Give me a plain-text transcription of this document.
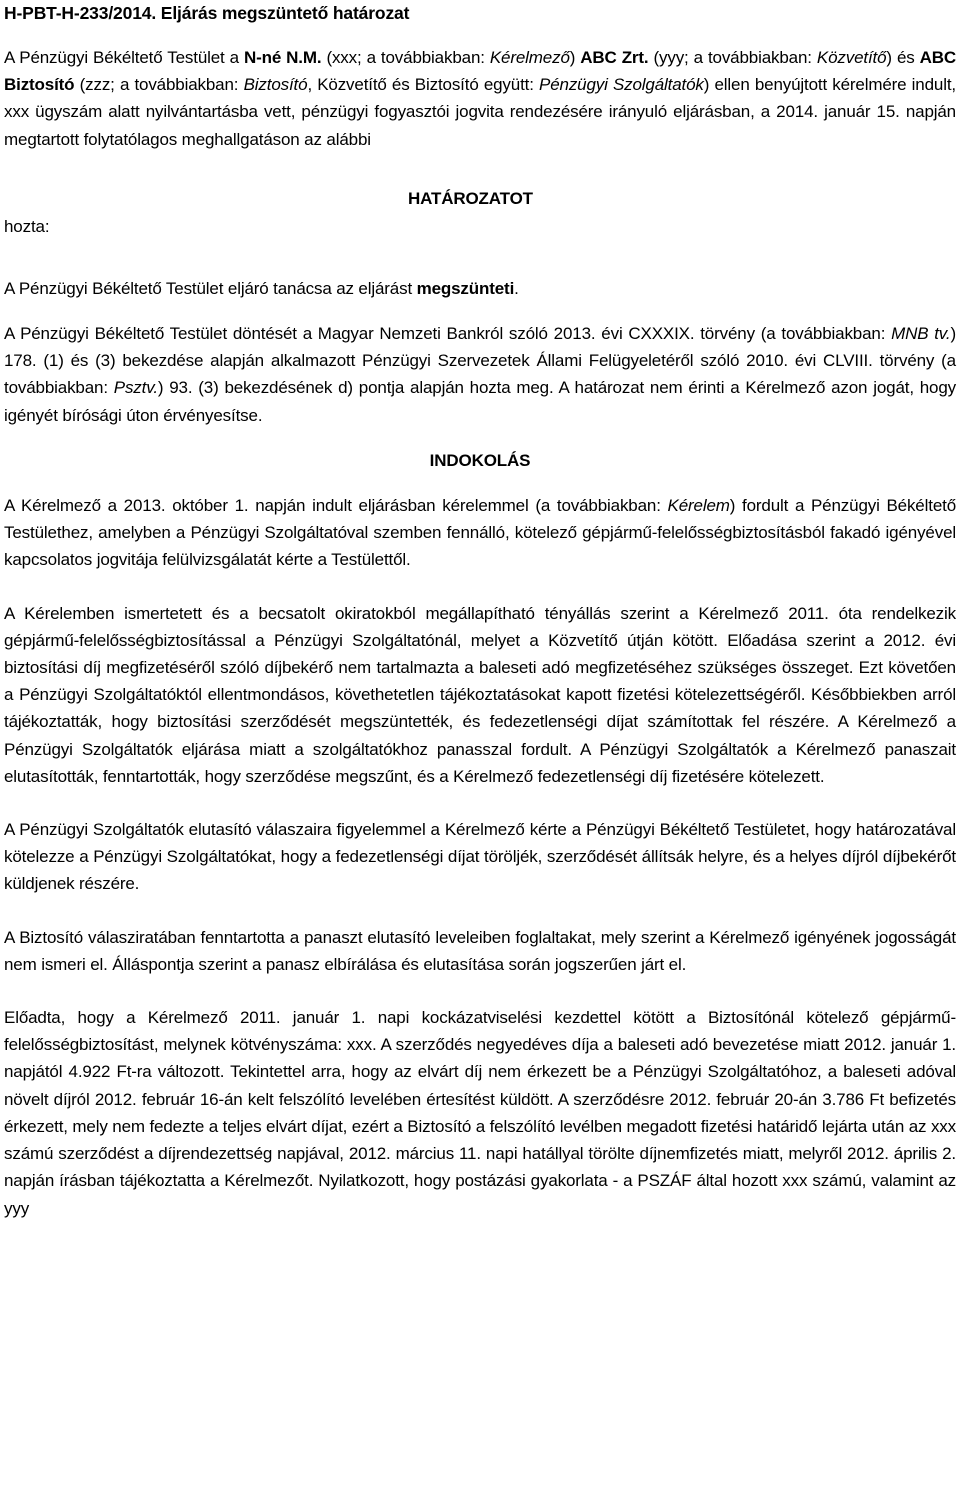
H-PBT-H-233/2014. Eljárás megszüntető határozat

A Pénzügyi Békéltető Testület a N-né N.M. (xxx; a továbbiakban: Kérelmező) ABC Zrt. (yyy; a továbbiakban: Közvetítő) és ABC Biztosító (zzz; a továbbiakban: Biztosító, Közvetítő és Biztosító együtt: Pénzügyi Szolgáltatók) ellen benyújtott kérelmére indult, xxx ügyszám alatt nyilvántartásba vett, pénzügyi fogyasztói jogvita rendezésére irányuló eljárásban, a 2014. január 15. napján megtartott folytatólagos meghallgatáson az alábbi

HATÁROZATOT
hozta:

A Pénzügyi Békéltető Testület eljáró tanácsa az eljárást megszünteti.

A Pénzügyi Békéltető Testület döntését a Magyar Nemzeti Bankról szóló 2013. évi CXXXIX. törvény (a továbbiakban: MNB tv.) 178. (1) és (3) bekezdése alapján alkalmazott Pénzügyi Szervezetek Állami Felügyeletéről szóló 2010. évi CLVIII. törvény (a továbbiakban: Psztv.) 93. (3) bekezdésének d) pontja alapján hozta meg. A határozat nem érinti a Kérelmező azon jogát, hogy igényét bírósági úton érvényesítse.

INDOKOLÁS

A Kérelmező a 2013. október 1. napján indult eljárásban kérelemmel (a továbbiakban: Kérelem) fordult a Pénzügyi Békéltető Testülethez, amelyben a Pénzügyi Szolgáltatóval szemben fennálló, kötelező gépjármű-felelősségbiztosításból fakadó igényével kapcsolatos jogvitája felülvizsgálatát kérte a Testülettől.

A Kérelemben ismertetett és a becsatolt okiratokból megállapítható tényállás szerint a Kérelmező 2011. óta rendelkezik gépjármű-felelősségbiztosítással a Pénzügyi Szolgáltatónál, melyet a Közvetítő útján kötött. Előadása szerint a 2012. évi biztosítási díj megfizetéséről szóló díjbekérő nem tartalmazta a baleseti adó megfizetéséhez szükséges összeget. Ezt követően a Pénzügyi Szolgáltatóktól ellentmondásos, követhetetlen tájékoztatásokat kapott fizetési kötelezettségéről. Későbbiekben arról tájékoztatták, hogy biztosítási szerződését megszüntették, és fedezetlenségi díjat számítottak fel részére. A Kérelmező a Pénzügyi Szolgáltatók eljárása miatt a szolgáltatókhoz panasszal fordult. A Pénzügyi Szolgáltatók a Kérelmező panaszait elutasították, fenntartották, hogy szerződése megszűnt, és a Kérelmező fedezetlenségi díj fizetésére kötelezett.

A Pénzügyi Szolgáltatók elutasító válaszaira figyelemmel a Kérelmező kérte a Pénzügyi Békéltető Testületet, hogy határozatával kötelezze a Pénzügyi Szolgáltatókat, hogy a fedezetlenségi díjat töröljék, szerződését állítsák helyre, és a helyes díjról díjbekérőt küldjenek részére.

A Biztosító válasziratában fenntartotta a panaszt elutasító leveleiben foglaltakat, mely szerint a Kérelmező igényének jogosságát nem ismeri el. Álláspontja szerint a panasz elbírálása és elutasítása során jogszerűen járt el.

Előadta, hogy a Kérelmező 2011. január 1. napi kockázatviselési kezdettel kötött a Biztosítónál kötelező gépjármű-felelősségbiztosítást, melynek kötvényszáma: xxx. A szerződés negyedéves díja a baleseti adó bevezetése miatt 2012. január 1. napjától 4.922 Ft-ra változott. Tekintettel arra, hogy az elvárt díj nem érkezett be a Pénzügyi Szolgáltatóhoz, a baleseti adóval növelt díjról 2012. február 16-án kelt felszólító levelében értesítést küldött. A szerződésre 2012. február 20-án 3.786 Ft befizetés érkezett, mely nem fedezte a teljes elvárt díjat, ezért a Biztosító a felszólító levélben megadott fizetési határidő lejárta után az xxx számú szerződést a díjrendezettség napjával, 2012. március 11. napi hatállyal törölte díjnemfizetés miatt, melyről 2012. április 2. napján írásban tájékoztatta a Kérelmezőt. Nyilatkozott, hogy postázási gyakorlata - a PSZÁF által hozott xxx számú, valamint az yyy
